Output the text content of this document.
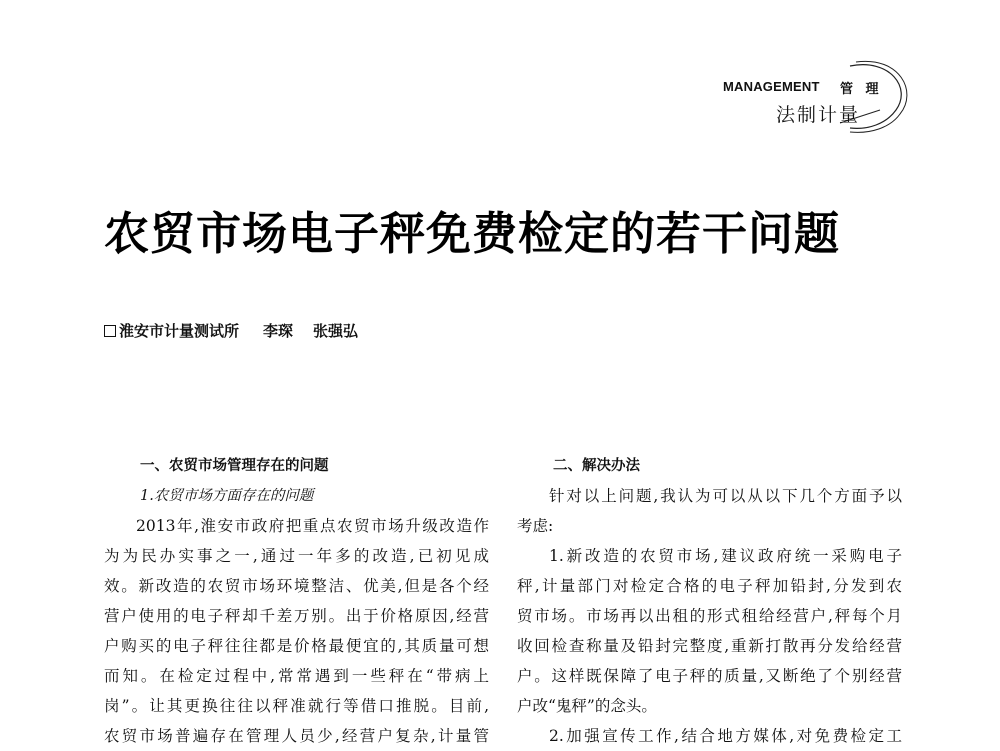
MANAGEMENT 管 理
法制计量
农贸市场电子秤免费检定的若干问题
淮安市计量测试所 李琛 张强弘
一、农贸市场管理存在的问题
1.农贸市场方面存在的问题
2013年,淮安市政府把重点农贸市场升级改造作
为为民办实事之一,通过一年多的改造,已初见成
效。新改造的农贸市场环境整洁、优美,但是各个经
营户使用的电子秤却千差万别。出于价格原因,经营
户购买的电子秤往往都是价格最便宜的,其质量可想
而知。在检定过程中,常常遇到一些秤在“带病上
岗”。让其更换往往以秤准就行等借口推脱。目前,
农贸市场普遍存在管理人员少,经营户复杂,计量管
二、解决办法
针对以上问题,我认为可以从以下几个方面予以
考虑:
1.新改造的农贸市场,建议政府统一采购电子
秤,计量部门对检定合格的电子秤加铅封,分发到农
贸市场。市场再以出租的形式租给经营户,秤每个月
收回检查称量及铅封完整度,重新打散再分发给经营
户。这样既保障了电子秤的质量,又断绝了个别经营
户改“鬼秤”的念头。
2.加强宣传工作,结合地方媒体,对免费检定工
